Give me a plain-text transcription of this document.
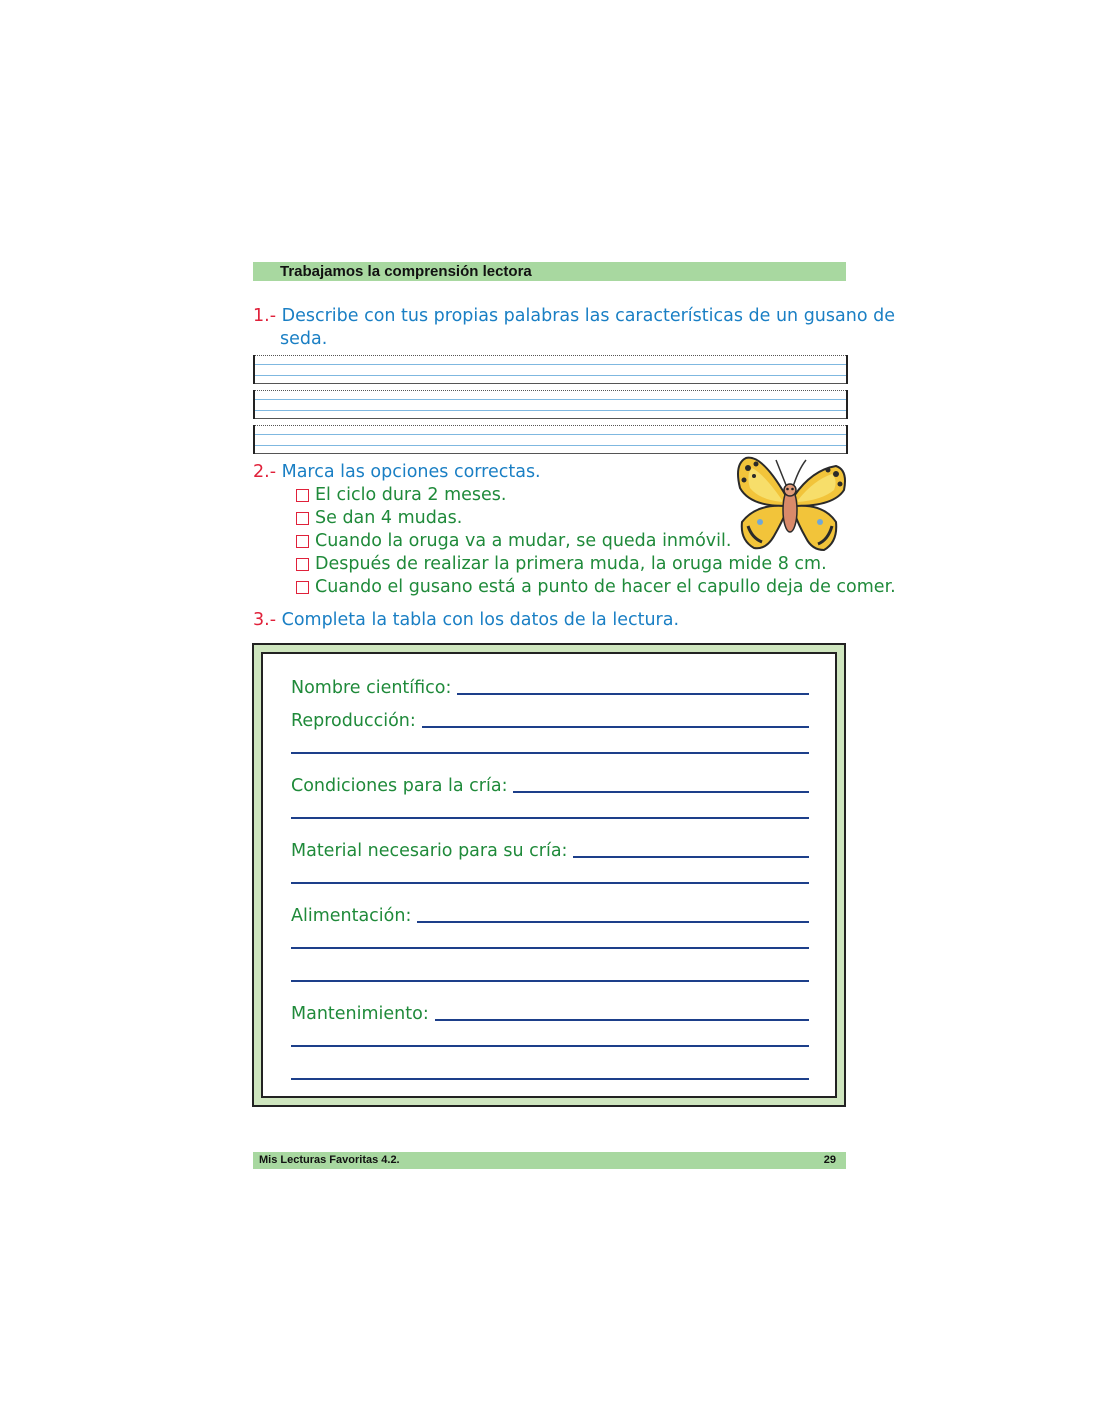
Trabajamos la comprensión lectora
1.- Describe con tus propias palabras las características de un gusano de
seda.
2.- Marca las opciones correctas.
El ciclo dura 2 meses.
Se dan 4 mudas.
Cuando la oruga va a mudar, se queda inmóvil.
Después de realizar la primera muda, la oruga mide 8 cm.
Cuando el gusano está a punto de hacer el capullo deja de comer.
3.- Completa la tabla con los datos de la lectura.
Nombre científico:
Reproducción:
Condiciones para la cría:
Material necesario para su cría:
Alimentación:
Mantenimiento:
Mis Lecturas Favoritas 4.2.	29
